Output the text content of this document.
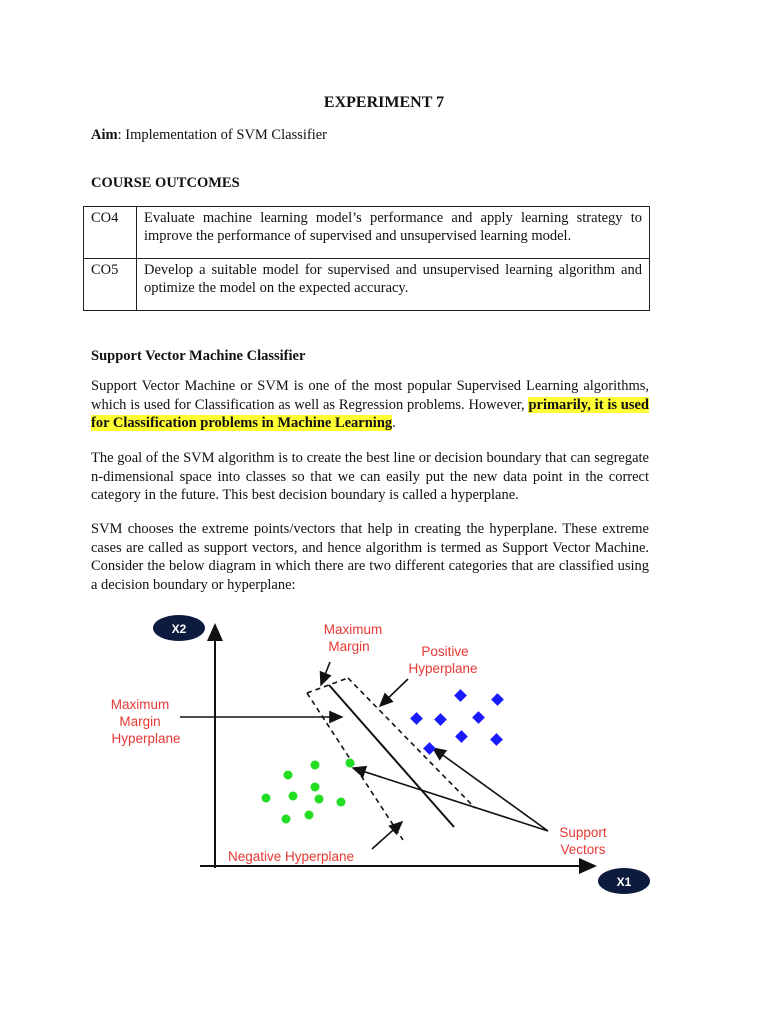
EXPERIMENT 7
Aim: Implementation of SVM Classifier
COURSE OUTCOMES
CO4	Evaluate machine learning model’s performance and apply learning strategy to improve the performance of supervised and unsupervised learning model.
CO5	Develop a suitable model for supervised and unsupervised learning algorithm and optimize the model on the expected accuracy.
Support Vector Machine Classifier
Support Vector Machine or SVM is one of the most popular Supervised Learning algorithms, which is used for Classification as well as Regression problems. However, primarily, it is used for Classification problems in Machine Learning.
The goal of the SVM algorithm is to create the best line or decision boundary that can segregate n-dimensional space into classes so that we can easily put the new data point in the correct category in the future. This best decision boundary is called a hyperplane.
SVM chooses the extreme points/vectors that help in creating the hyperplane. These extreme cases are called as support vectors, and hence algorithm is termed as Support Vector Machine. Consider the below diagram in which there are two different categories that are classified using a decision boundary or hyperplane:
X2
X1
Maximum
Margin	Positive
Hyperplane
Maximum
Margin
Hyperplane
Negative Hyperplane
Support
Vectors
